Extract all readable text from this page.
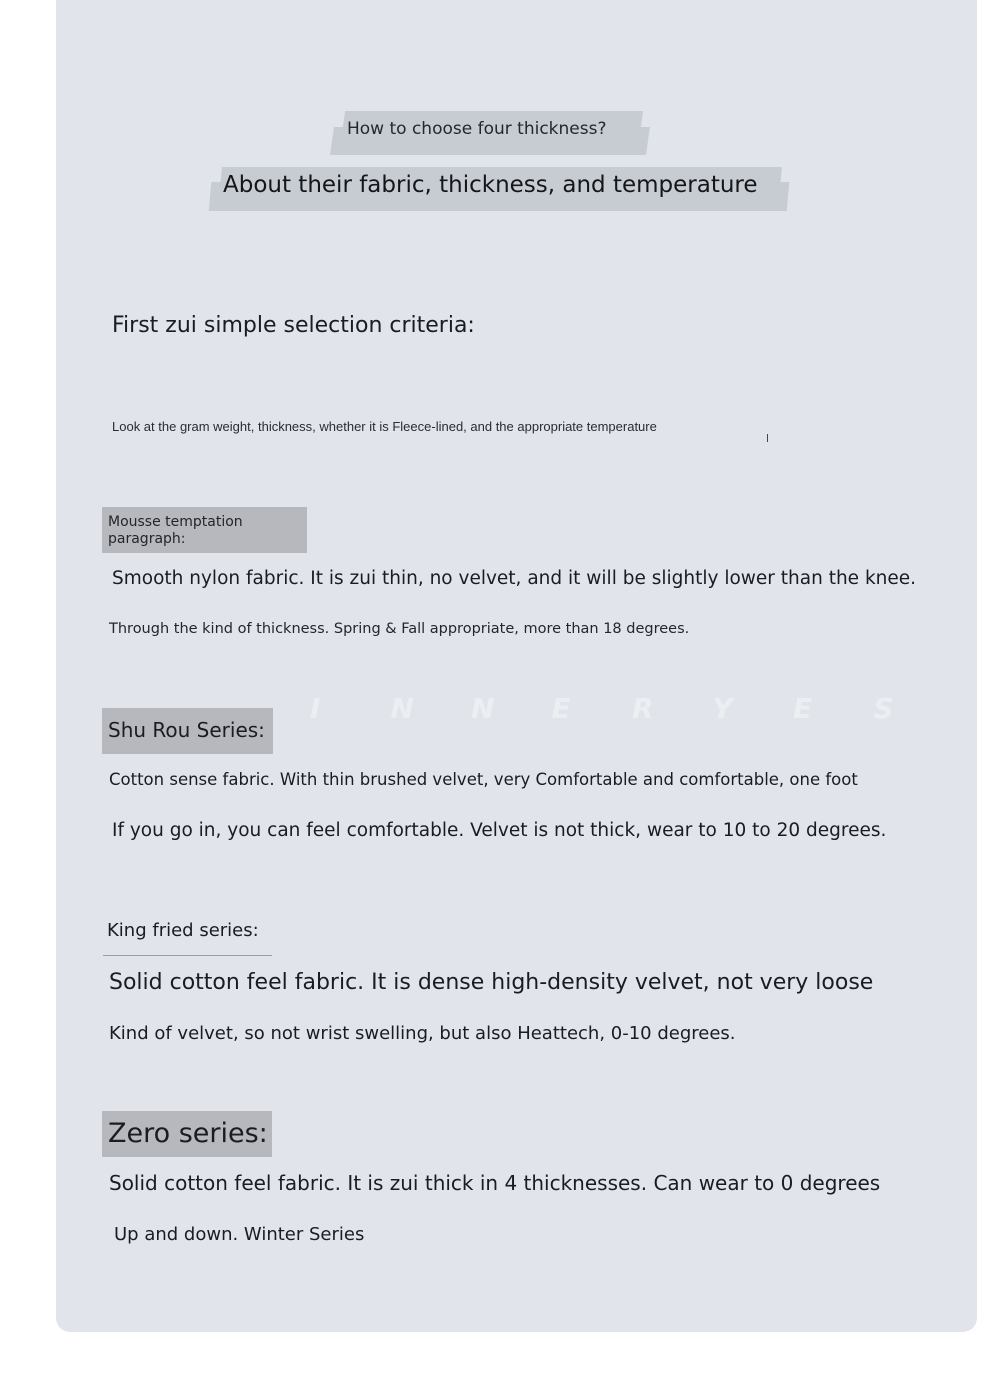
How to choose four thickness?
About their fabric, thickness, and temperature
First zui simple selection criteria:
Look at the gram weight, thickness, whether it is Fleece-lined, and the appropriate temperature
Mousse temptation paragraph:
Smooth nylon fabric. It is zui thin, no velvet, and it will be slightly lower than the knee.
Through the kind of thickness. Spring & Fall appropriate, more than 18 degrees.
I	N N E R Y E S
Shu Rou Series:
Cotton sense fabric. With thin brushed velvet, very Comfortable and comfortable, one foot
If you go in, you can feel comfortable. Velvet is not thick, wear to 10 to 20 degrees.
King fried series:
Solid cotton feel fabric. It is dense high-density velvet, not very loose
Kind of velvet, so not wrist swelling, but also Heattech, 0-10 degrees.
Zero series:
Solid cotton feel fabric. It is zui thick in 4 thicknesses. Can wear to 0 degrees
Up and down. Winter Series
